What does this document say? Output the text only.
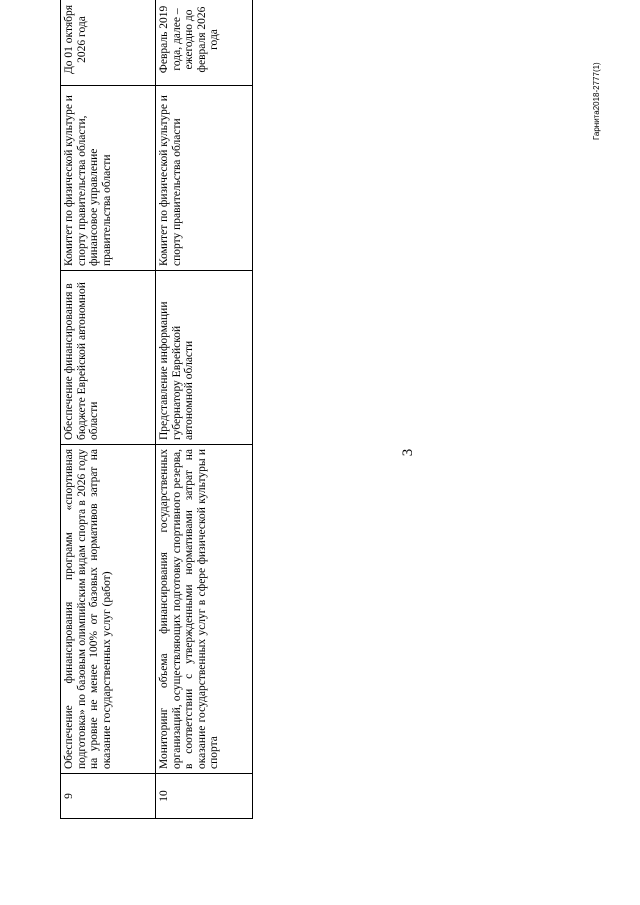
3
9	Обеспечение финансирования программ «спортивная подготовка» по базовым олимпийским видам спорта в 2026 году на уровне не менее 100% от базовых нормативов затрат на оказание государственных услуг (работ)	Обеспечение финансирования в бюджете Еврейской автономной области	Комитет по физической культуре и спорту правительства области, финансовое управление правительства области	До 01 октября 2026 года
10	Мониторинг объема финансирования государственных организаций, осуществляющих подготовку спортивного резерва, в соответствии с утвержденными нормативами затрат на оказание государственных услуг в сфере физической культуры и спорта	Представление информации губернатору Еврейской автономной области	Комитет по физической культуре и спорту правительства области	Февраль 2019 года, далее – ежегодно до февраля 2026 года
Гарнита2018-2777(1)
